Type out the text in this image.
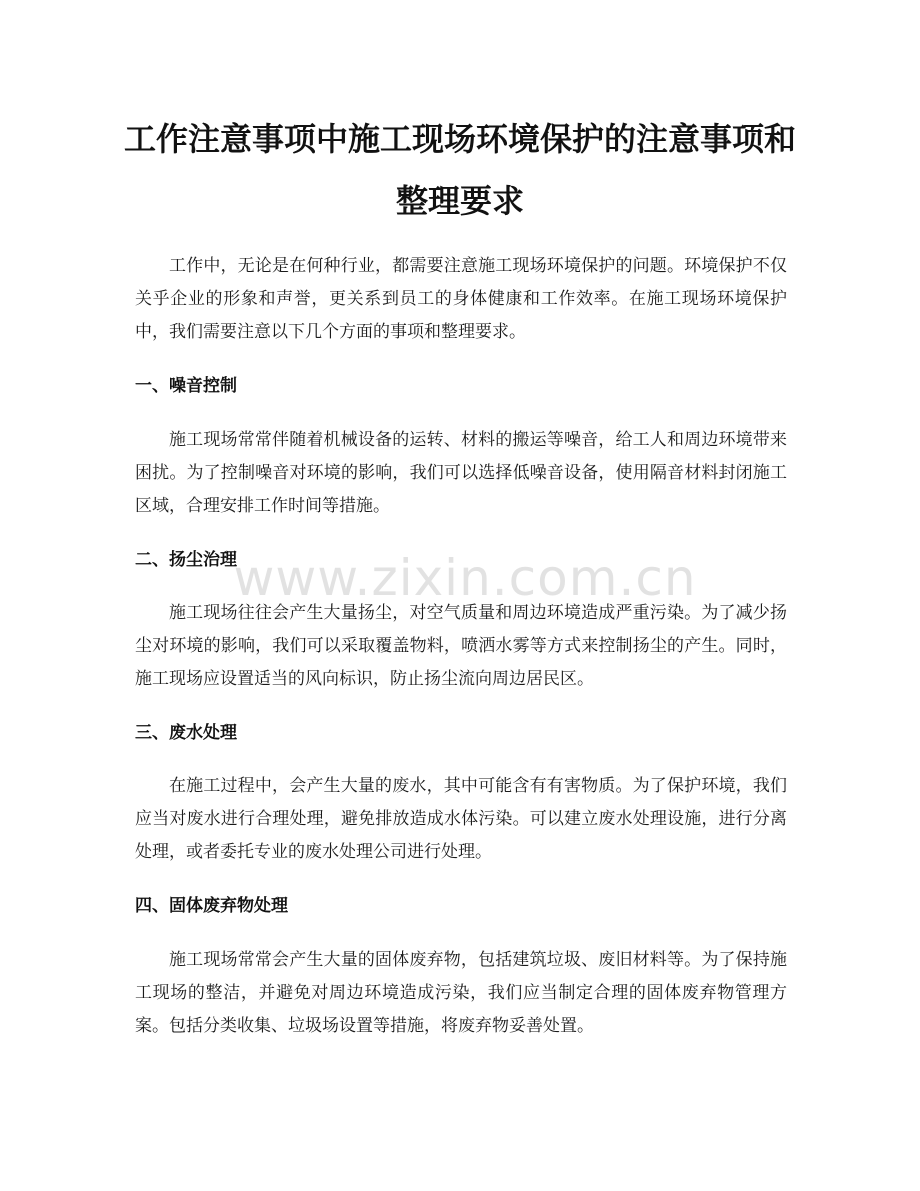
工作注意事项中施工现场环境保护的注意事项和整理要求

工作中，无论是在何种行业，都需要注意施工现场环境保护的问题。环境保护不仅关乎企业的形象和声誉，更关系到员工的身体健康和工作效率。在施工现场环境保护中，我们需要注意以下几个方面的事项和整理要求。

一、噪音控制

施工现场常常伴随着机械设备的运转、材料的搬运等噪音，给工人和周边环境带来困扰。为了控制噪音对环境的影响，我们可以选择低噪音设备，使用隔音材料封闭施工区域，合理安排工作时间等措施。

二、扬尘治理

施工现场往往会产生大量扬尘，对空气质量和周边环境造成严重污染。为了减少扬尘对环境的影响，我们可以采取覆盖物料，喷洒水雾等方式来控制扬尘的产生。同时，施工现场应设置适当的风向标识，防止扬尘流向周边居民区。

三、废水处理

在施工过程中，会产生大量的废水，其中可能含有有害物质。为了保护环境，我们应当对废水进行合理处理，避免排放造成水体污染。可以建立废水处理设施，进行分离处理，或者委托专业的废水处理公司进行处理。

四、固体废弃物处理

施工现场常常会产生大量的固体废弃物，包括建筑垃圾、废旧材料等。为了保持施工现场的整洁，并避免对周边环境造成污染，我们应当制定合理的固体废弃物管理方案。包括分类收集、垃圾场设置等措施，将废弃物妥善处置。

www.zixin.com.cn
